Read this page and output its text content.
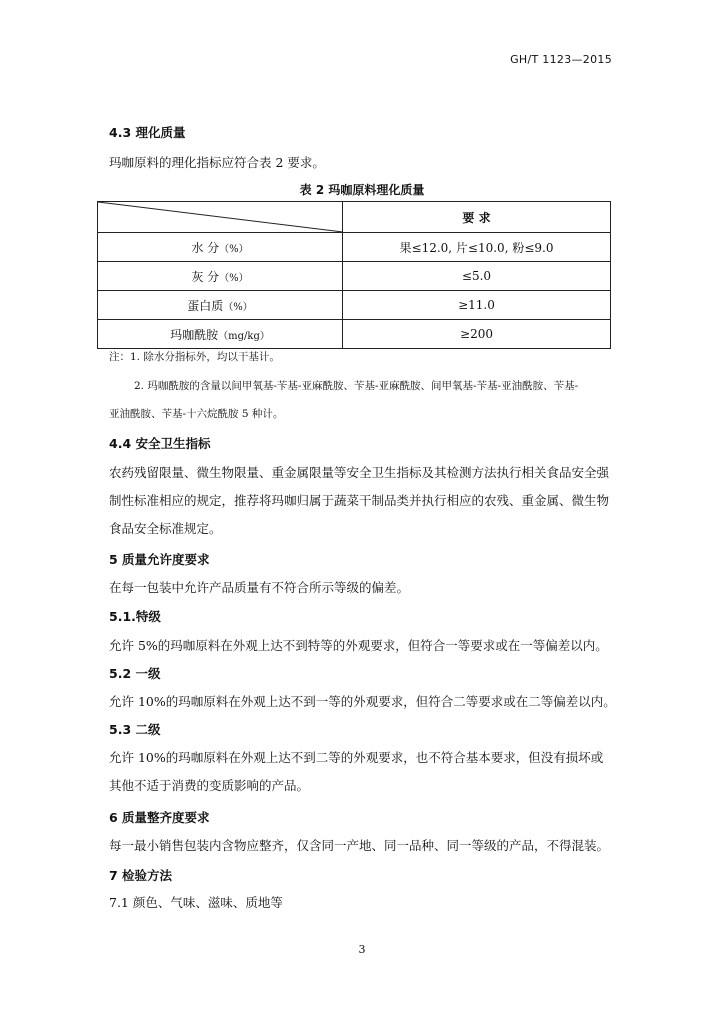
GH/T 1123—2015
4.3 理化质量
玛咖原料的理化指标应符合表 2 要求。
表 2 玛咖原料理化质量
	要 求
水 分（%）	果≤12.0, 片≤10.0, 粉≤9.0
灰 分（%）	≤5.0
蛋白质（%）	≥11.0
玛咖酰胺（mg/kg）	≥200
注：1. 除水分指标外，均以干基计。
2. 玛咖酰胺的含量以间甲氧基-苄基-亚麻酰胺、苄基-亚麻酰胺、间甲氧基-苄基-亚油酰胺、苄基-
亚油酰胺、苄基-十六烷酰胺 5 种计。
4.4 安全卫生指标
农药残留限量、微生物限量、重金属限量等安全卫生指标及其检测方法执行相关食品安全强
制性标准相应的规定，推荐将玛咖归属于蔬菜干制品类并执行相应的农残、重金属、微生物
食品安全标准规定。
5 质量允许度要求
在每一包装中允许产品质量有不符合所示等级的偏差。
5.1.特级
允许 5%的玛咖原料在外观上达不到特等的外观要求，但符合一等要求或在一等偏差以内。
5.2 一级
允许 10%的玛咖原料在外观上达不到一等的外观要求，但符合二等要求或在二等偏差以内。
5.3 二级
允许 10%的玛咖原料在外观上达不到二等的外观要求，也不符合基本要求，但没有损坏或
其他不适于消费的变质影响的产品。
6 质量整齐度要求
每一最小销售包装内含物应整齐，仅含同一产地、同一品种、同一等级的产品，不得混装。
7 检验方法
7.1 颜色、气味、滋味、质地等
3
